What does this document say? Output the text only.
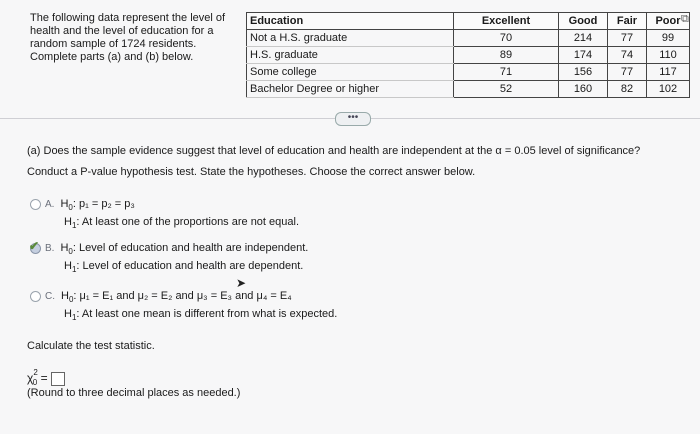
The following data represent the level of
health and the level of education for a
random sample of 1724 residents.
Complete parts (a) and (b) below.
Education	Excellent	Good	Fair	Poor
Not a H.S. graduate	70	214	77	99
H.S. graduate	89	174	74	110
Some college	71	156	77	117
Bachelor Degree or higher	52	160	82	102
⧉
•••
(a) Does the sample evidence suggest that level of education and health are independent at the α = 0.05 level of significance?
Conduct a P-value hypothesis test. State the hypotheses. Choose the correct answer below.
A. $H_0$: p₁ = p₂ = p₃
$H_1$: At least one of the proportions are not equal.
✔ B. $H_0$: Level of education and health are independent.
$H_1$: Level of education and health are dependent.
➤
C. $H_0$: μ₁ = E₁ and μ₂ = E₂ and μ₃ = E₃ and μ₄ = E₄
$H_1$: At least one mean is different from what is expected.
Calculate the test statistic.
$\chi^2_0$ =
(Round to three decimal places as needed.)
